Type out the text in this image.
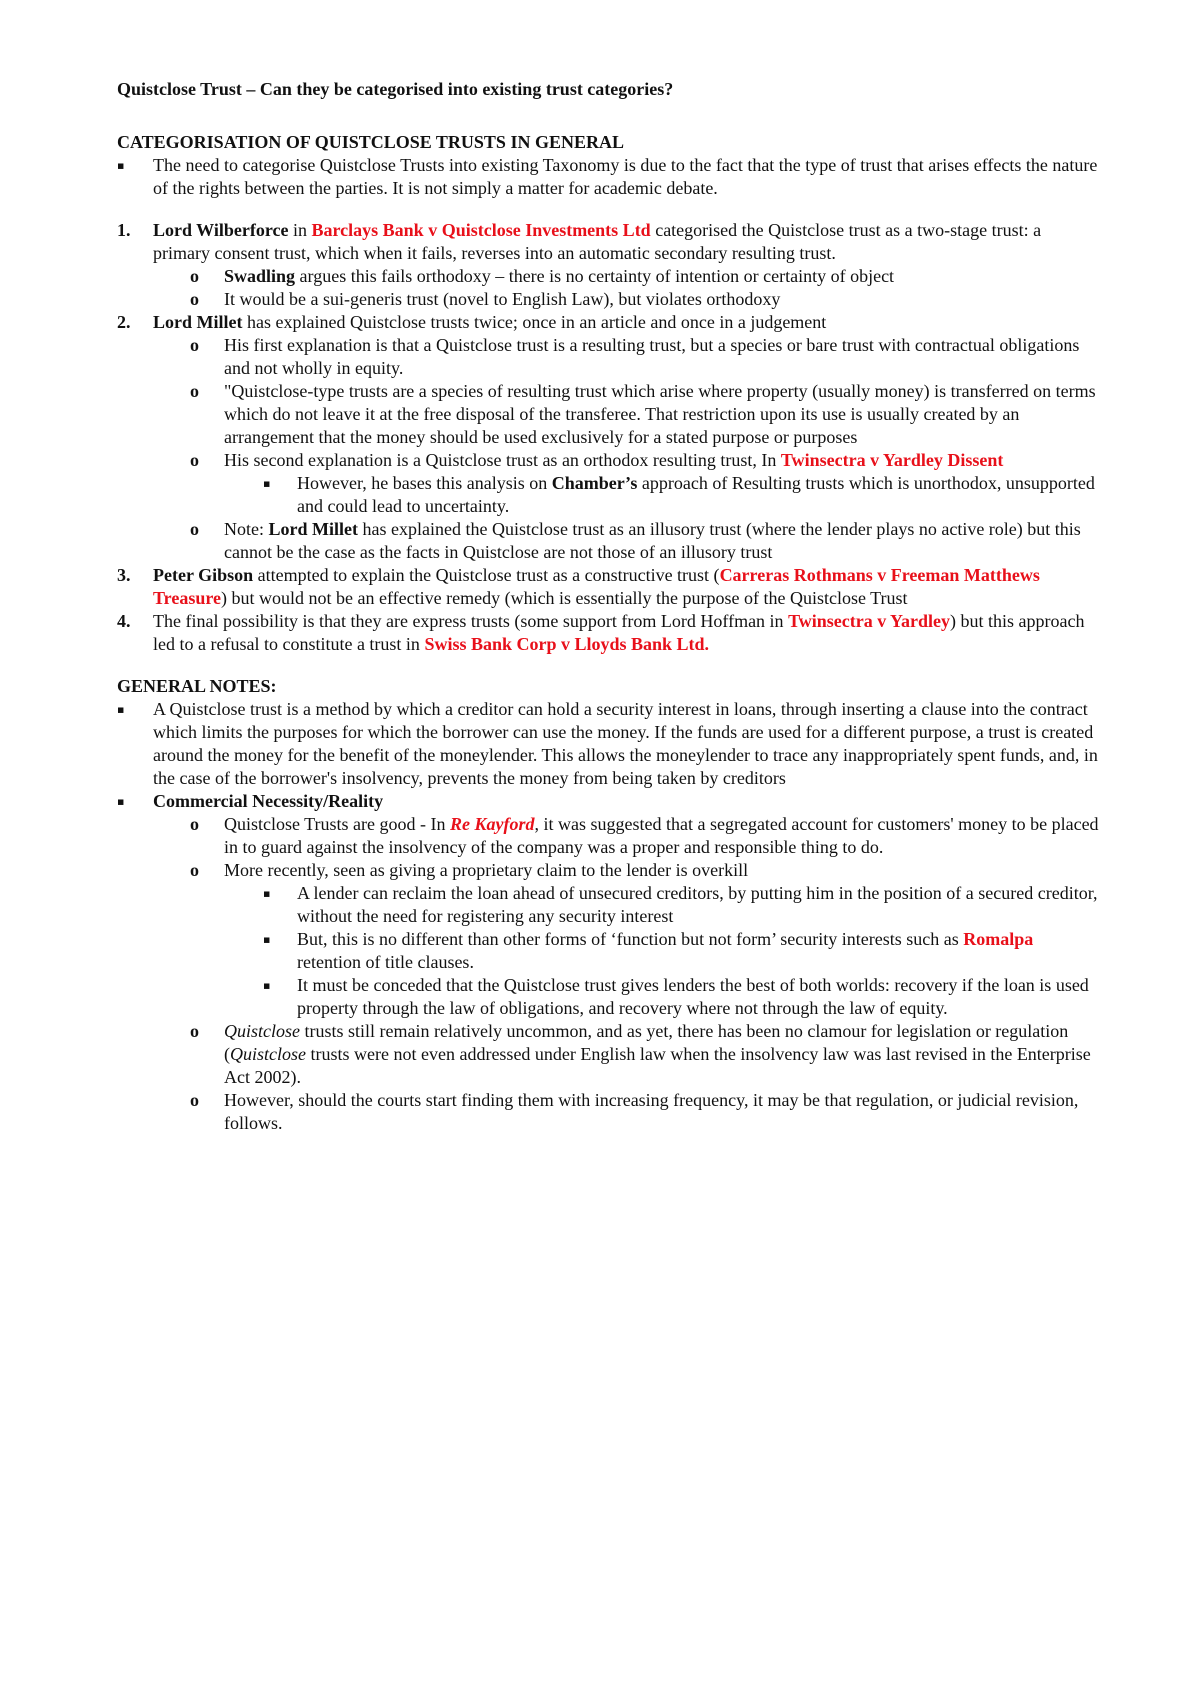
Quistclose Trust – Can they be categorised into existing trust categories?
CATEGORISATION OF QUISTCLOSE TRUSTS IN GENERAL
▪ The need to categorise Quistclose Trusts into existing Taxonomy is due to the fact that the type of trust that arises effects the nature of the rights between the parties. It is not simply a matter for academic debate.
1. Lord Wilberforce in Barclays Bank v Quistclose Investments Ltd categorised the Quistclose trust as a two-stage trust: a primary consent trust, which when it fails, reverses into an automatic secondary resulting trust.
o Swadling argues this fails orthodoxy – there is no certainty of intention or certainty of object
o It would be a sui-generis trust (novel to English Law), but violates orthodoxy
2. Lord Millet has explained Quistclose trusts twice; once in an article and once in a judgement
o His first explanation is that a Quistclose trust is a resulting trust, but a species or bare trust with contractual obligations and not wholly in equity.
o "Quistclose-type trusts are a species of resulting trust which arise where property (usually money) is transferred on terms which do not leave it at the free disposal of the transferee. That restriction upon its use is usually created by an arrangement that the money should be used exclusively for a stated purpose or purposes
o His second explanation is a Quistclose trust as an orthodox resulting trust, In Twinsectra v Yardley Dissent
▪ However, he bases this analysis on Chamber’s approach of Resulting trusts which is unorthodox, unsupported and could lead to uncertainty.
o Note: Lord Millet has explained the Quistclose trust as an illusory trust (where the lender plays no active role) but this cannot be the case as the facts in Quistclose are not those of an illusory trust
3. Peter Gibson attempted to explain the Quistclose trust as a constructive trust (Carreras Rothmans v Freeman Matthews Treasure) but would not be an effective remedy (which is essentially the purpose of the Quistclose Trust
4. The final possibility is that they are express trusts (some support from Lord Hoffman in Twinsectra v Yardley) but this approach led to a refusal to constitute a trust in Swiss Bank Corp v Lloyds Bank Ltd.
GENERAL NOTES:
▪ A Quistclose trust is a method by which a creditor can hold a security interest in loans, through inserting a clause into the contract which limits the purposes for which the borrower can use the money. If the funds are used for a different purpose, a trust is created around the money for the benefit of the moneylender. This allows the moneylender to trace any inappropriately spent funds, and, in the case of the borrower's insolvency, prevents the money from being taken by creditors
▪ Commercial Necessity/Reality
o Quistclose Trusts are good - In Re Kayford, it was suggested that a segregated account for customers' money to be placed in to guard against the insolvency of the company was a proper and responsible thing to do.
o More recently, seen as giving a proprietary claim to the lender is overkill
▪ A lender can reclaim the loan ahead of unsecured creditors, by putting him in the position of a secured creditor, without the need for registering any security interest
▪ But, this is no different than other forms of ‘function but not form’ security interests such as Romalpa retention of title clauses.
▪ It must be conceded that the Quistclose trust gives lenders the best of both worlds: recovery if the loan is used property through the law of obligations, and recovery where not through the law of equity.
o Quistclose trusts still remain relatively uncommon, and as yet, there has been no clamour for legislation or regulation (Quistclose trusts were not even addressed under English law when the insolvency law was last revised in the Enterprise Act 2002).
o However, should the courts start finding them with increasing frequency, it may be that regulation, or judicial revision, follows.
